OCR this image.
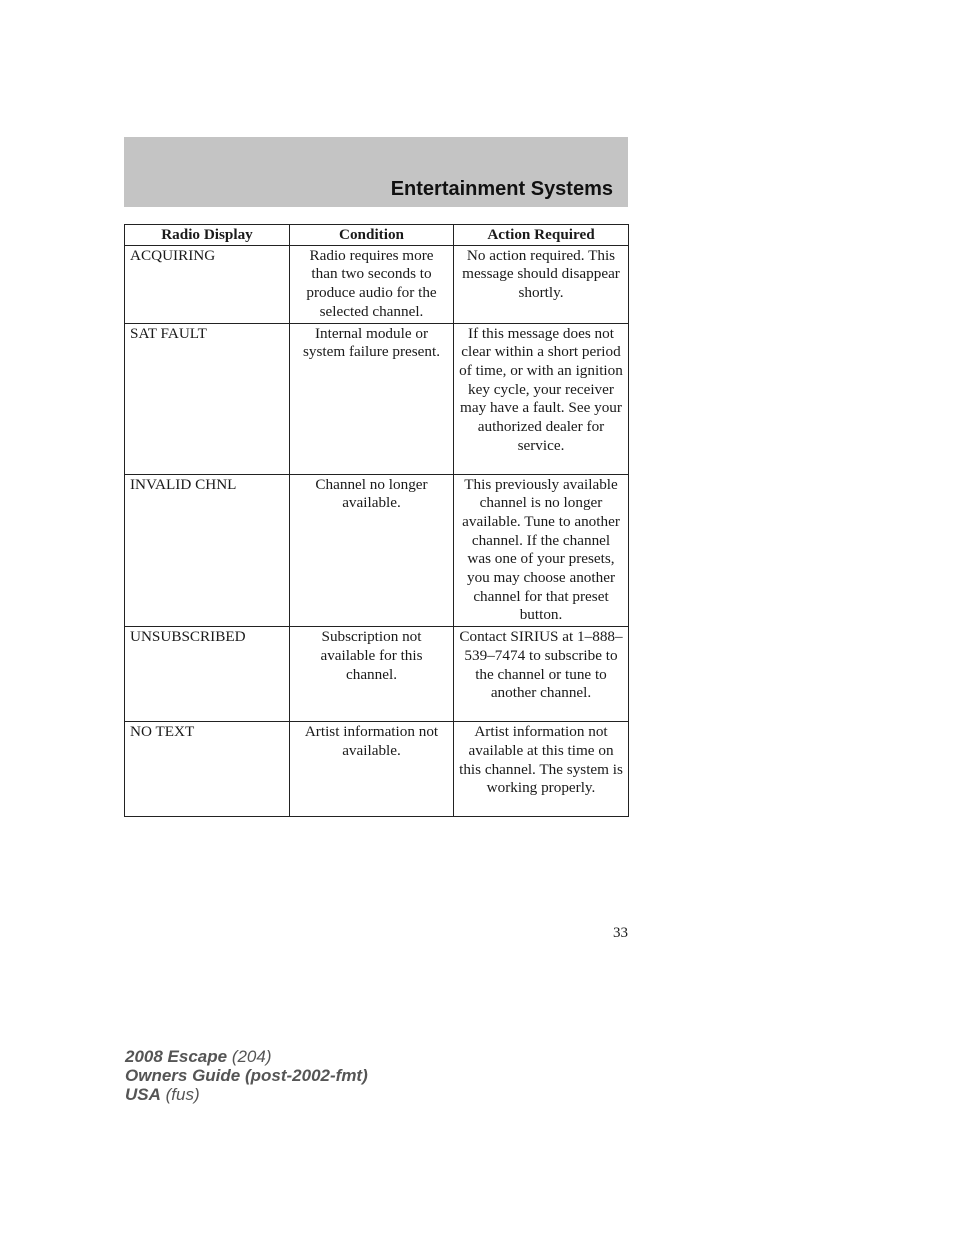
Entertainment Systems
Radio Display	Condition	Action Required
ACQUIRING	Radio requires more than two seconds to produce audio for the selected channel.	No action required. This message should disappear shortly.
SAT FAULT	Internal module or system failure present.	If this message does not clear within a short period of time, or with an ignition key cycle, your receiver may have a fault. See your authorized dealer for service.
INVALID CHNL	Channel no longer available.	This previously available channel is no longer available. Tune to another channel. If the channel was one of your presets, you may choose another channel for that preset button.
UNSUBSCRIBED	Subscription not available for this channel.	Contact SIRIUS at 1–888–539–7474 to subscribe to the channel or tune to another channel.
NO TEXT	Artist information not available.	Artist information not available at this time on this channel. The system is working properly.
33
2008 Escape (204)
Owners Guide (post-2002-fmt)
USA (fus)
